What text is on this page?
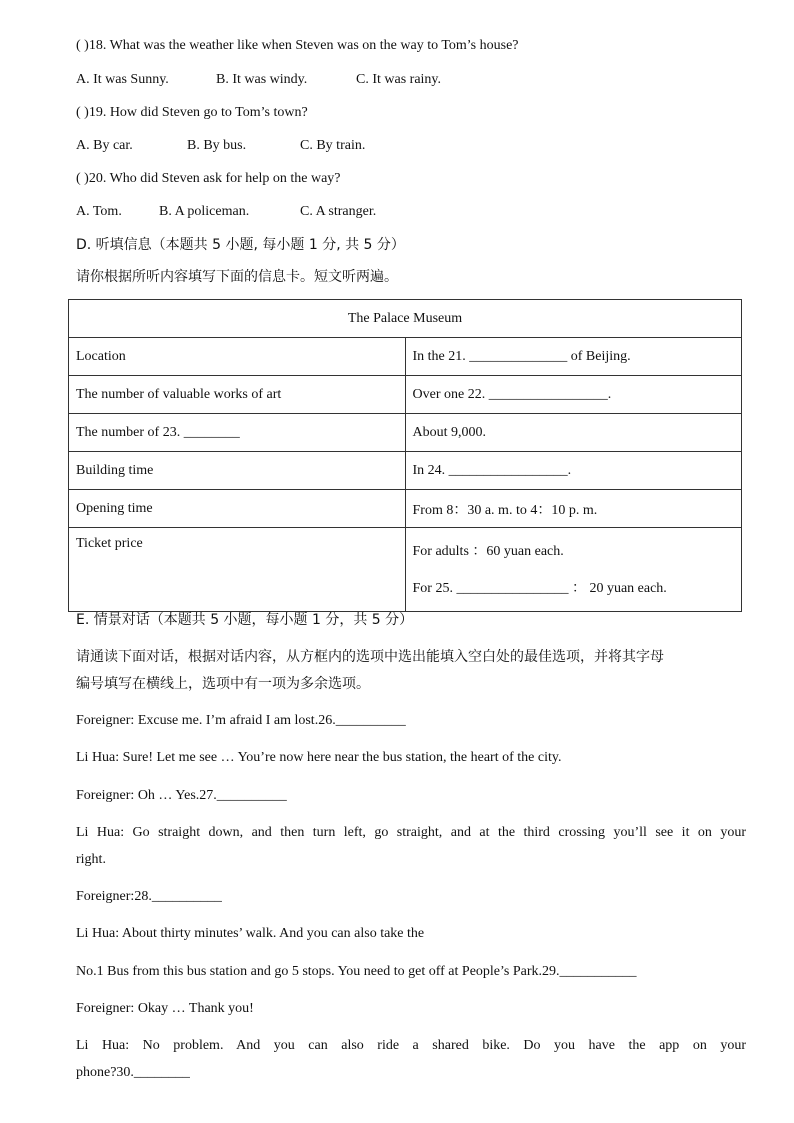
( )18. What was the weather like when Steven was on the way to Tom’s house?
A. It was Sunny.	B. It was windy.	C. It was rainy.
( )19. How did Steven go to Tom’s town?
A. By car.	B. By bus.	C. By train.
( )20. Who did Steven ask for help on the way?
A. Tom.	B. A policeman.	C. A stranger.
D. 听填信息（本题共 5 小题, 每小题 1 分, 共 5 分）
请你根据所听内容填写下面的信息卡。短文听两遍。
The Palace Museum	
Location	In the 21. ______________ of Beijing.
The number of valuable works of art	Over one 22. _________________.
The number of 23. ________	About 9,000.
Building time	In 24. _________________.
Opening time	From 8：30 a. m. to 4：10 p. m.
Ticket price	For adults ：60 yuan each.
For 25. ________________ ： 20 yuan each.
E. 情景对话（本题共 5 小题，每小题 1 分，共 5 分）
请通读下面对话，根据对话内容，从方框内的选项中选出能填入空白处的最佳选项，并将其字母
编号填写在横线上，选项中有一项为多余选项。
Foreigner: Excuse me. I’m afraid I am lost.26.__________
Li Hua: Sure! Let me see … You’re now here near the bus station, the heart of the city.
Foreigner: Oh … Yes.27.__________
Li Hua: Go straight down, and then turn left, go straight, and at the third crossing you’ll see it on your
right.
Foreigner:28.__________
Li Hua: About thirty minutes’ walk. And you can also take the
No.1 Bus from this bus station and go 5 stops. You need to get off at People’s Park.29.___________
Foreigner: Okay … Thank you!
Li Hua: No problem. And you can also ride a shared bike. Do you have the app on your
phone?30.________
